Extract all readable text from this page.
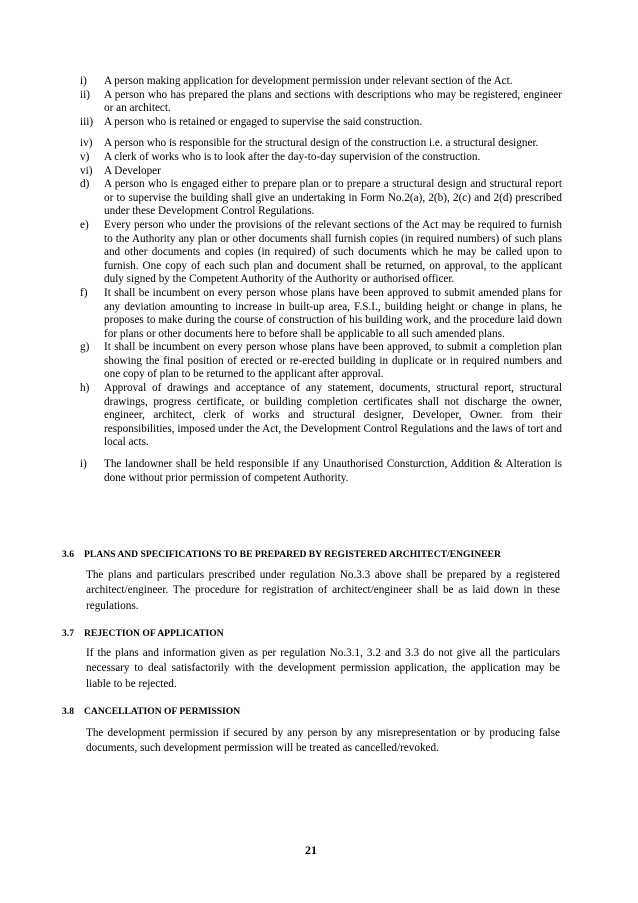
i)	A person making application for development permission under relevant section of the Act.
ii)	A person who has prepared the plans and sections with descriptions who may be registered, engineer or an architect.
iii) A person who is retained or engaged to supervise the said construction.
iv)	A person who is responsible for the structural design of the construction i.e. a structural designer.
v)	A clerk of works who is to look after the day-to-day supervision of the construction.
vi)	A Developer
d)	A person who is engaged either to prepare plan or to prepare a structural design and structural report or to supervise the building shall give an undertaking in Form No.2(a), 2(b), 2(c) and 2(d) prescribed under these Development Control Regulations.
e)	Every person who under the provisions of the relevant sections of the Act may be required to furnish to the Authority any plan or other documents shall furnish copies (in required numbers) of such plans and other documents and copies (in required) of such documents which he may be called upon to furnish. One copy of each such plan and document shall be returned, on approval, to the applicant duly signed by the Competent Authority of the Authority or authorised officer.
f)	It shall be incumbent on every person whose plans have been approved to submit amended plans for any deviation amounting to increase in built-up area, F.S.I., building height or change in plans, he proposes to make during the course of construction of his building work, and the procedure laid down for plans or other documents here to before shall be applicable to all such amended plans.
g)	It shall be incumbent on every person whose plans have been approved, to submit a completion plan showing the final position of erected or re-erected building in duplicate or in required numbers and one copy of plan to be returned to the applicant after approval.
h)	Approval of drawings and acceptance of any statement, documents, structural report, structural drawings, progress certificate, or building completion certificates shall not discharge the owner, engineer, architect, clerk of works and structural designer, Developer, Owner. from their responsibilities, imposed under the Act, the Development Control Regulations and the laws of tort and local acts.
i)	The landowner shall be held responsible if any Unauthorised Consturction, Addition & Alteration is done without prior permission of competent Authority.
3.6 PLANS AND SPECIFICATIONS TO BE PREPARED BY REGISTERED ARCHITECT/ENGINEER
The plans and particulars prescribed under regulation No.3.3 above shall be prepared by a registered architect/engineer. The procedure for registration of architect/engineer shall be as laid down in these regulations.
3.7 REJECTION OF APPLICATION
If the plans and information given as per regulation No.3.1, 3.2 and 3.3 do not give all the particulars necessary to deal satisfactorily with the development permission application, the application may be liable to be rejected.
3.8 CANCELLATION OF PERMISSION
The development permission if secured by any person by any misrepresentation or by producing false documents, such development permission will be treated as cancelled/revoked.
21
